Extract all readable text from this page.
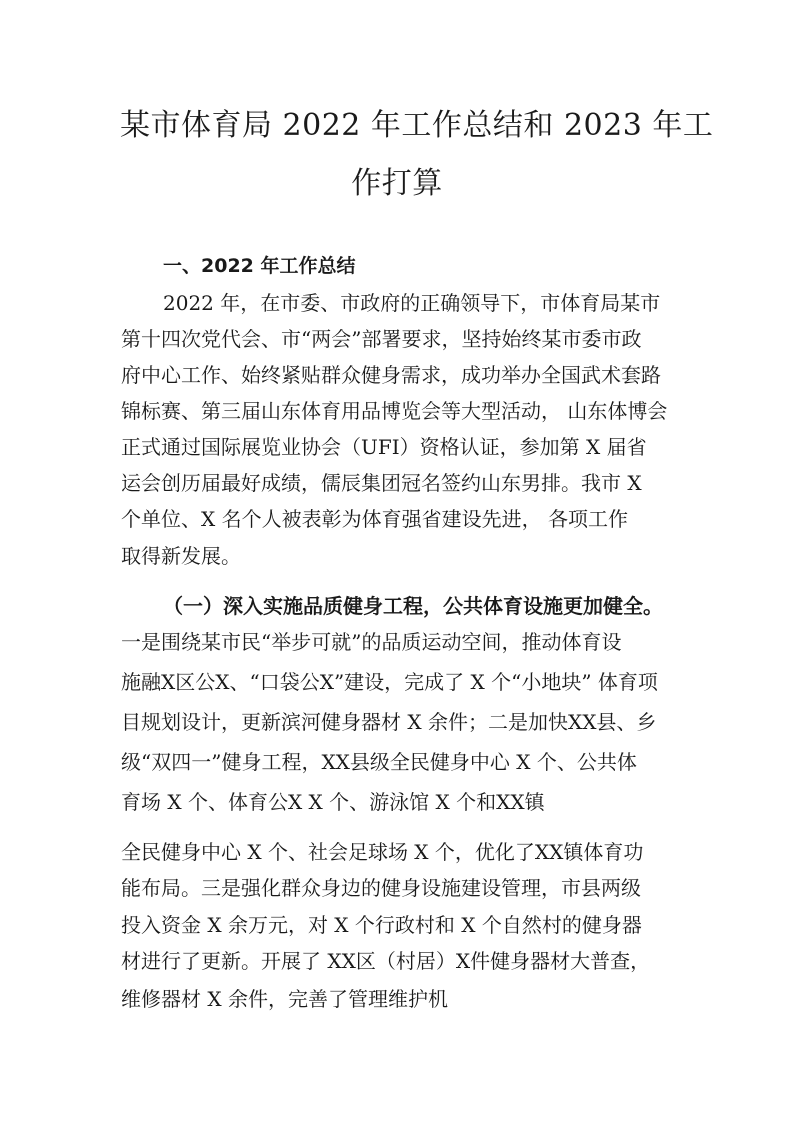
某市体育局 2022 年工作总结和 2023 年工
作打算
一、2022 年工作总结
2022 年，在市委、市政府的正确领导下，市体育局某市
第十四次党代会、市“两会”部署要求，坚持始终某市委市政
府中心工作、始终紧贴群众健身需求，成功举办全国武术套路
锦标赛、第三届山东体育用品博览会等大型活动， 山东体博会
正式通过国际展览业协会（UFI）资格认证，参加第 X 届省
运会创历届最好成绩，儒辰集团冠名签约山东男排。我市 X
个单位、X 名个人被表彰为体育强省建设先进， 各项工作
取得新发展。
（一）深入实施品质健身工程，公共体育设施更加健全。
一是围绕某市民“举步可就”的品质运动空间，推动体育设
施融X区公X、“口袋公X”建设，完成了 X 个“小地块” 体育项
目规划设计，更新滨河健身器材 X 余件；二是加快XX县、乡
级“双四一”健身工程，XX县级全民健身中心 X 个、公共体
育场 X 个、体育公X X 个、游泳馆 X 个和XX镇
全民健身中心 X 个、社会足球场 X 个，优化了XX镇体育功
能布局。三是强化群众身边的健身设施建设管理，市县两级
投入资金 X 余万元，对 X 个行政村和 X 个自然村的健身器
材进行了更新。开展了 XX区（村居）X件健身器材大普查，
维修器材 X 余件，完善了管理维护机
